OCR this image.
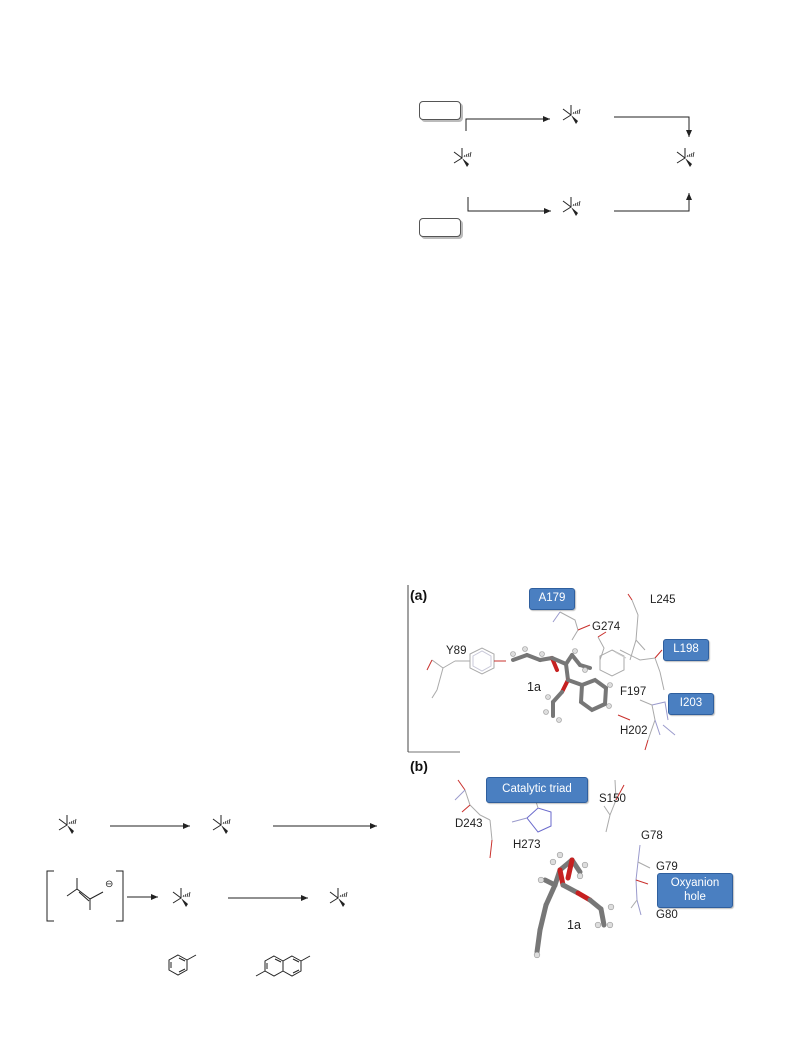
⊖
(a)
Y89
G274
L245
F197
H202
1a
A179
L198
I203
(b)
S150
D243
H273
G78
G79
G80
1a
Catalytic triad
Oxyanion
hole
